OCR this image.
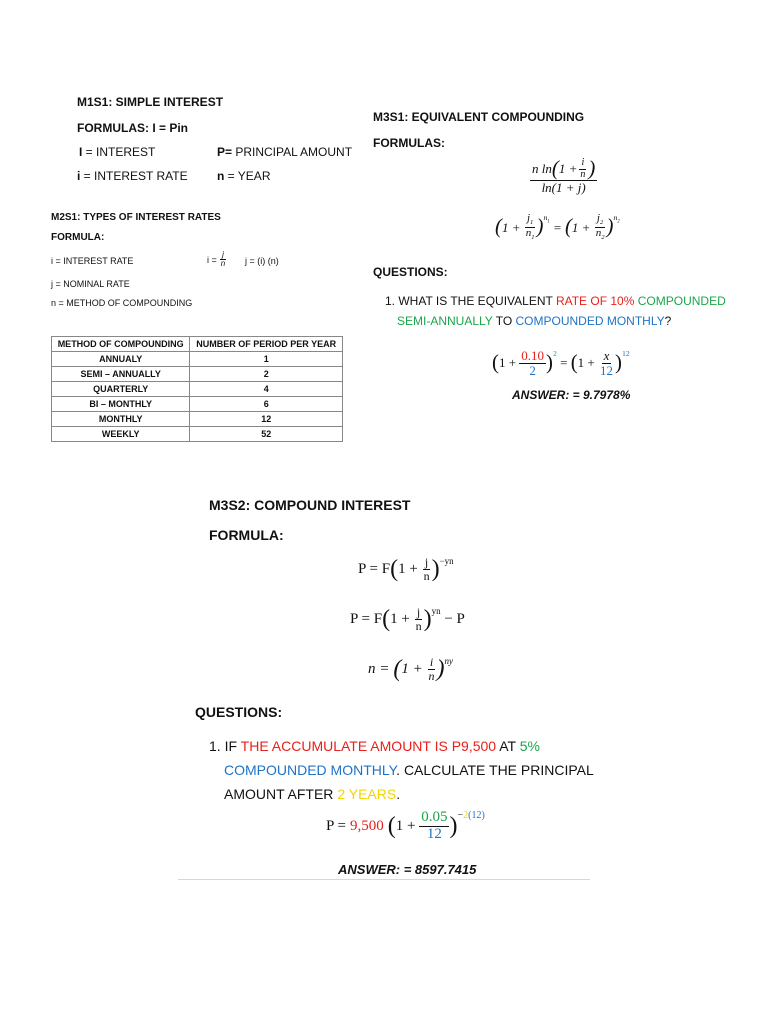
M1S1: SIMPLE INTEREST
FORMULAS: I = Pin
I = INTEREST	P= PRINCIPAL AMOUNT
i = INTEREST RATE n = YEAR
M2S1: TYPES OF INTEREST RATES
FORMULA:
i = INTEREST RATE	$i = \frac{j}{n}$ j = (i) (n)
j = NOMINAL RATE
n = METHOD OF COMPOUNDING
METHOD OF COMPOUNDING	NUMBER OF PERIOD PER YEAR
ANNUALY	1
SEMI – ANNUALLY	2
QUARTERLY	4
BI – MONTHLY	6
MONTHLY	12
WEEKLY	52
M3S1: EQUIVALENT COMPOUNDING
FORMULAS:
$\frac{n \ln ( 1 + \frac{i}{n} )}{\ln(1 + j)}$
( $1 + \frac{j_1}{n_1} )^{n_1}$ = ( $1 + \frac{j_2}{n_2} )^{n_2}$
QUESTIONS:
1. WHAT IS THE EQUIVALENT RATE OF 10% COMPOUNDED
SEMI-ANNUALLY TO COMPOUNDED MONTHLY?
( $1 + \frac{0.10}{2} )^2$
= ( $1 + \frac{x}{12} )^{12}$
ANSWER: = 9.7978%
M3S2: COMPOUND INTEREST
FORMULA:
P = F ( $1 + \frac{j}{n} )^{-yn}$
P = F ( $1 + \frac{j}{n} )^{yn} - P$
n = ( $1 + \frac{i}{n} )^{ny}$
QUESTIONS:
1. IF THE ACCUMULATE AMOUNT IS P9,500 AT 5%
COMPOUNDED MONTHLY. CALCULATE THE PRINCIPAL
AMOUNT AFTER 2 YEARS.
P = 9,500 ( $1 + \frac{0.05}{12} )^{-2(12)}$
ANSWER: = 8597.7415
